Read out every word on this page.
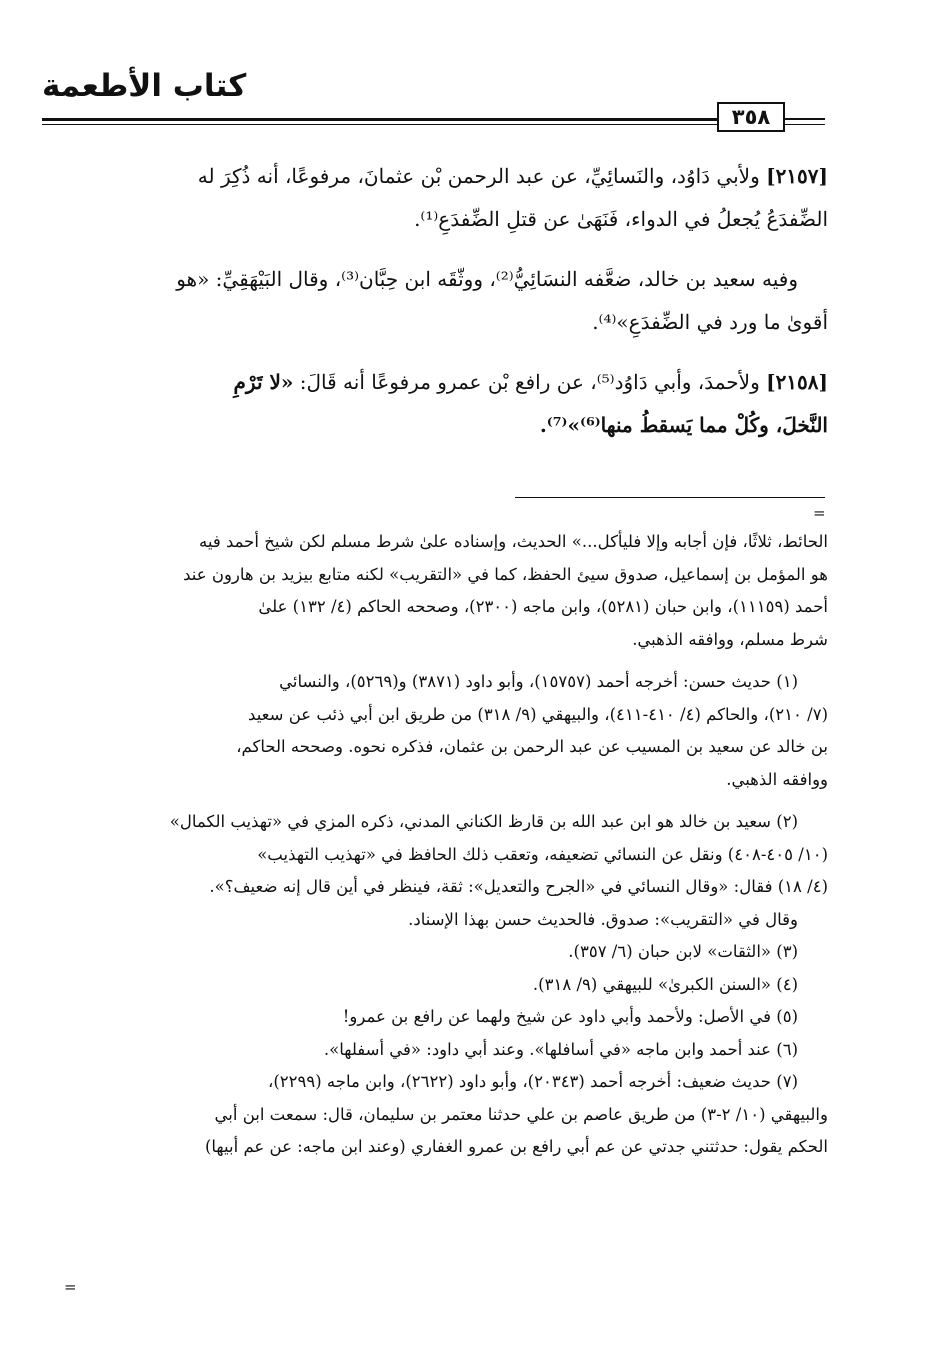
كتاب الأطعمة
٣٥٨
[٢١٥٧] ولأبي دَاوُد، والنَسائِيِّ، عن عبد الرحمن بْن عثمانَ، مرفوعًا، أنه ذُكِرَ له
الضِّفدَعُ يُجعلُ في الدواء، فَنَهَىٰ عن قتلِ الضِّفدَعِ⁽¹⁾.
وفيه سعيد بن خالد، ضعَّفه النسَائِيُّ⁽²⁾، ووثّقَه ابن حِبَّان⁽³⁾، وقال البَيْهَقِيِّ: «هو
أقوىٰ ما ورد في الضِّفدَعِ»⁽⁴⁾.
[٢١٥٨] ولأحمدَ، وأبي دَاوُد⁽⁵⁾، عن رافع بْن عمرو مرفوعًا أنه قَالَ: «لا تَرْمِ
النَّخلَ، وكُلْ مما يَسقطُ منها⁽⁶⁾»⁽⁷⁾.
=
الحائط، ثلاثًا، فإن أجابه وإلا فليأكل...» الحديث، وإسناده علىٰ شرط مسلم لكن شيخ أحمد فيه
هو المؤمل بن إسماعيل، صدوق سيئ الحفظ، كما في «التقريب» لكنه متابع بيزيد بن هارون عند
أحمد (١١١٥٩)، وابن حبان (٥٢٨١)، وابن ماجه (٢٣٠٠)، وصححه الحاكم (٤/ ١٣٢) علىٰ
شرط مسلم، ووافقه الذهبي.
(١) حديث حسن: أخرجه أحمد (١٥٧٥٧)، وأبو داود (٣٨٧١) و(٥٢٦٩)، والنسائي
(٧/ ٢١٠)، والحاكم (٤/ ٤١٠-٤١١)، والبيهقي (٩/ ٣١٨) من طريق ابن أبي ذئب عن سعيد
بن خالد عن سعيد بن المسيب عن عبد الرحمن بن عثمان، فذكره نحوه. وصححه الحاكم،
ووافقه الذهبي.
(٢) سعيد بن خالد هو ابن عبد الله بن قارظ الكناني المدني، ذكره المزي في «تهذيب الكمال»
(١٠/ ٤٠٥-٤٠٨) ونقل عن النسائي تضعيفه، وتعقب ذلك الحافظ في «تهذيب التهذيب»
(٤/ ١٨) فقال: «وقال النسائي في «الجرح والتعديل»: ثقة، فينظر في أين قال إنه ضعيف؟».
وقال في «التقريب»: صدوق. فالحديث حسن بهذا الإسناد.
(٣) «الثقات» لابن حبان (٦/ ٣٥٧).
(٤) «السنن الكبرىٰ» للبيهقي (٩/ ٣١٨).
(٥) في الأصل: ولأحمد وأبي داود عن شيخ ولهما عن رافع بن عمرو!
(٦) عند أحمد وابن ماجه «في أسافلها». وعند أبي داود: «في أسفلها».
(٧) حديث ضعيف: أخرجه أحمد (٢٠٣٤٣)، وأبو داود (٢٦٢٢)، وابن ماجه (٢٢٩٩)،
والبيهقي (١٠/ ٢-٣) من طريق عاصم بن علي حدثنا معتمر بن سليمان، قال: سمعت ابن أبي
الحكم يقول: حدثتني جدتي عن عم أبي رافع بن عمرو الغفاري (وعند ابن ماجه: عن عم أبيها)
=
